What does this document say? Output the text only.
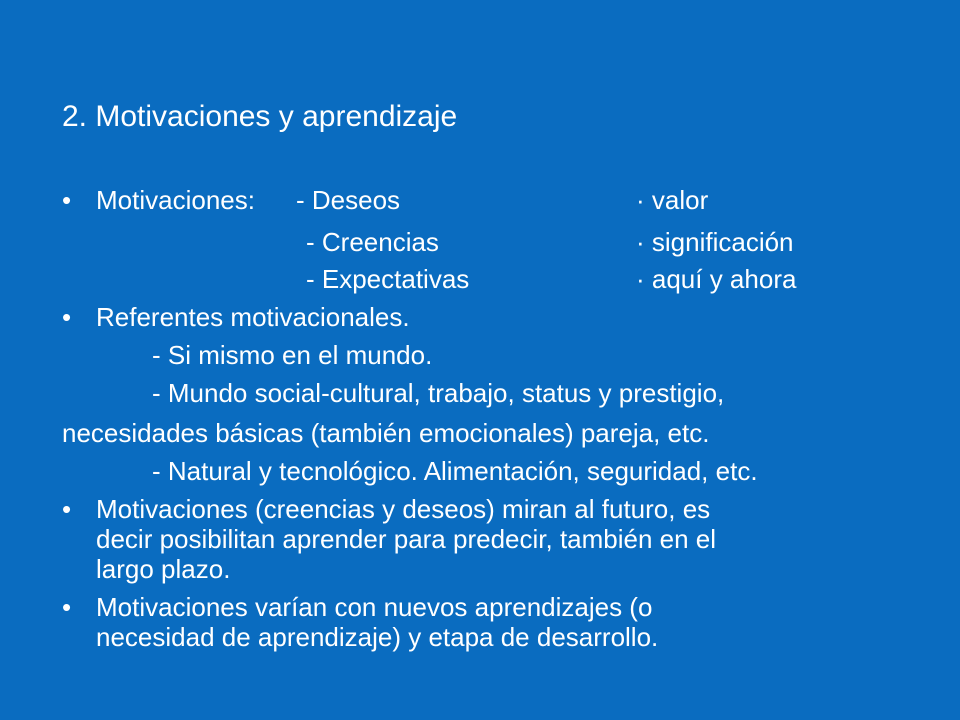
2. Motivaciones y aprendizaje
• Motivaciones: - Deseos	· valor
- Creencias	· significación
- Expectativas	· aquí y ahora
• Referentes motivacionales.
- Si mismo en el mundo.
- Mundo social-cultural, trabajo, status y prestigio,
necesidades básicas (también emocionales) pareja, etc.
- Natural y tecnológico. Alimentación, seguridad, etc.
• Motivaciones (creencias y deseos) miran al futuro, es
decir posibilitan aprender para predecir, también en el
largo plazo.
• Motivaciones varían con nuevos aprendizajes (o
necesidad de aprendizaje) y etapa de desarrollo.
